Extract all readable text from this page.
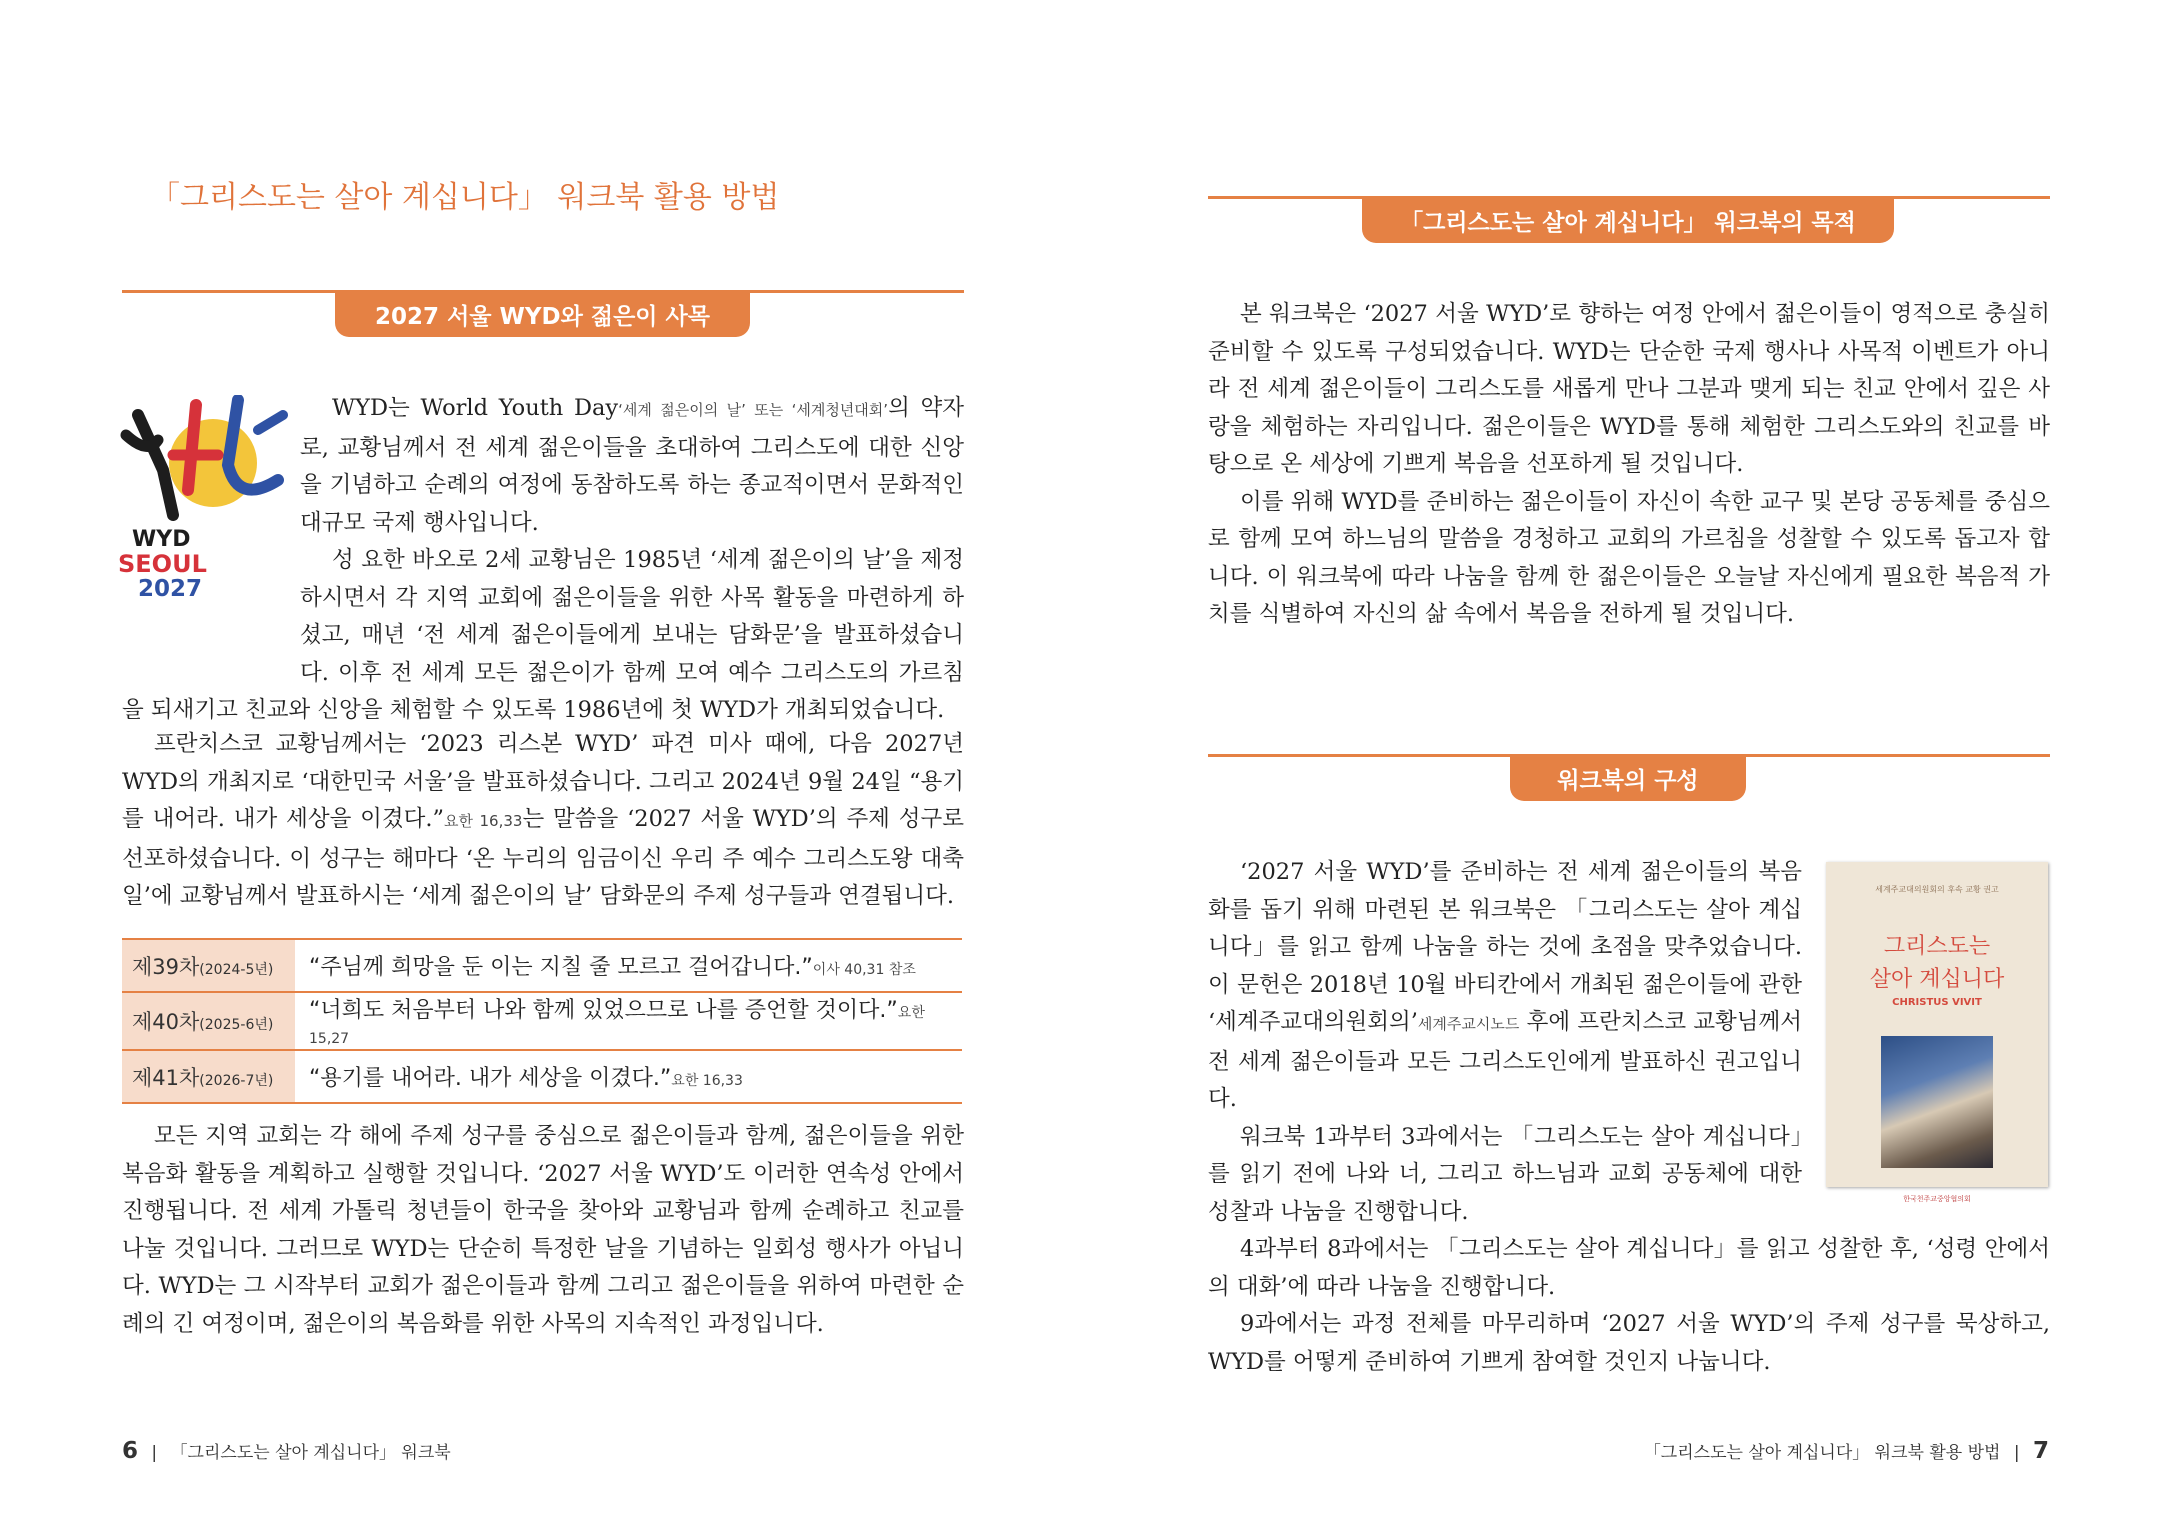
「그리스도는 살아 계십니다」 워크북 활용 방법
2027 서울 WYD와 젊은이 사목
WYD
SEOUL
2027

WYD는 World Youth Day‘세계 젊은이의 날’ 또는 ‘세계청년대회’의 약자로, 교황님께서 전 세계 젊은이들을 초대하여 그리스도에 대한 신앙을 기념하고 순례의 여정에 동참하도록 하는 종교적이면서 문화적인 대규모 국제 행사입니다.

성 요한 바오로 2세 교황님은 1985년 ‘세계 젊은이의 날’을 제정하시면서 각 지역 교회에 젊은이들을 위한 사목 활동을 마련하게 하셨고, 매년 ‘전 세계 젊은이들에게 보내는 담화문’을 발표하셨습니다. 이후 전 세계 모든 젊은이가 함께 모여 예수 그리스도의 가르침을 되새기고 친교와 신앙을 체험할 수 있도록 1986년에 첫 WYD가 개최되었습니다.

프란치스코 교황님께서는 ‘2023 리스본 WYD’ 파견 미사 때에, 다음 2027년 WYD의 개최지로 ‘대한민국 서울’을 발표하셨습니다. 그리고 2024년 9월 24일 “용기를 내어라. 내가 세상을 이겼다.”요한 16,33는 말씀을 ‘2027 서울 WYD’의 주제 성구로 선포하셨습니다. 이 성구는 해마다 ‘온 누리의 임금이신 우리 주 예수 그리스도왕 대축일’에 교황님께서 발표하시는 ‘세계 젊은이의 날’ 담화문의 주제 성구들과 연결됩니다.

제39차(2024-5년)	“주님께 희망을 둔 이는 지칠 줄 모르고 걸어갑니다.”이사 40,31 참조
제40차(2025-6년)	“너희도 처음부터 나와 함께 있었으므로 나를 증언할 것이다.”요한 15,27
제41차(2026-7년)	“용기를 내어라. 내가 세상을 이겼다.”요한 16,33

모든 지역 교회는 각 해에 주제 성구를 중심으로 젊은이들과 함께, 젊은이들을 위한 복음화 활동을 계획하고 실행할 것입니다. ‘2027 서울 WYD’도 이러한 연속성 안에서 진행됩니다. 전 세계 가톨릭 청년들이 한국을 찾아와 교황님과 함께 순례하고 친교를 나눌 것입니다. 그러므로 WYD는 단순히 특정한 날을 기념하는 일회성 행사가 아닙니다. WYD는 그 시작부터 교회가 젊은이들과 함께 그리고 젊은이들을 위하여 마련한 순례의 긴 여정이며, 젊은이의 복음화를 위한 사목의 지속적인 과정입니다.

6 | 「그리스도는 살아 계십니다」 워크북
「그리스도는 살아 계십니다」 워크북의 목적

본 워크북은 ‘2027 서울 WYD’로 향하는 여정 안에서 젊은이들이 영적으로 충실히 준비할 수 있도록 구성되었습니다. WYD는 단순한 국제 행사나 사목적 이벤트가 아니라 전 세계 젊은이들이 그리스도를 새롭게 만나 그분과 맺게 되는 친교 안에서 깊은 사랑을 체험하는 자리입니다. 젊은이들은 WYD를 통해 체험한 그리스도와의 친교를 바탕으로 온 세상에 기쁘게 복음을 선포하게 될 것입니다.

이를 위해 WYD를 준비하는 젊은이들이 자신이 속한 교구 및 본당 공동체를 중심으로 함께 모여 하느님의 말씀을 경청하고 교회의 가르침을 성찰할 수 있도록 돕고자 합니다. 이 워크북에 따라 나눔을 함께 한 젊은이들은 오늘날 자신에게 필요한 복음적 가치를 식별하여 자신의 삶 속에서 복음을 전하게 될 것입니다.

워크북의 구성
세계주교대의원회의 후속 교황 권고
그리스도는
살아 계십니다
CHRISTUS VIVIT
한국천주교중앙협의회

‘2027 서울 WYD’를 준비하는 전 세계 젊은이들의 복음화를 돕기 위해 마련된 본 워크북은 「그리스도는 살아 계십니다」를 읽고 함께 나눔을 하는 것에 초점을 맞추었습니다. 이 문헌은 2018년 10월 바티칸에서 개최된 젊은이들에 관한 ‘세계주교대의원회의’세계주교시노드 후에 프란치스코 교황님께서 전 세계 젊은이들과 모든 그리스도인에게 발표하신 권고입니다.

워크북 1과부터 3과에서는 「그리스도는 살아 계십니다」를 읽기 전에 나와 너, 그리고 하느님과 교회 공동체에 대한 성찰과 나눔을 진행합니다.

4과부터 8과에서는 「그리스도는 살아 계십니다」를 읽고 성찰한 후, ‘성령 안에서의 대화’에 따라 나눔을 진행합니다.

9과에서는 과정 전체를 마무리하며 ‘2027 서울 WYD’의 주제 성구를 묵상하고, WYD를 어떻게 준비하여 기쁘게 참여할 것인지 나눕니다.

「그리스도는 살아 계십니다」 워크북 활용 방법 | 7
